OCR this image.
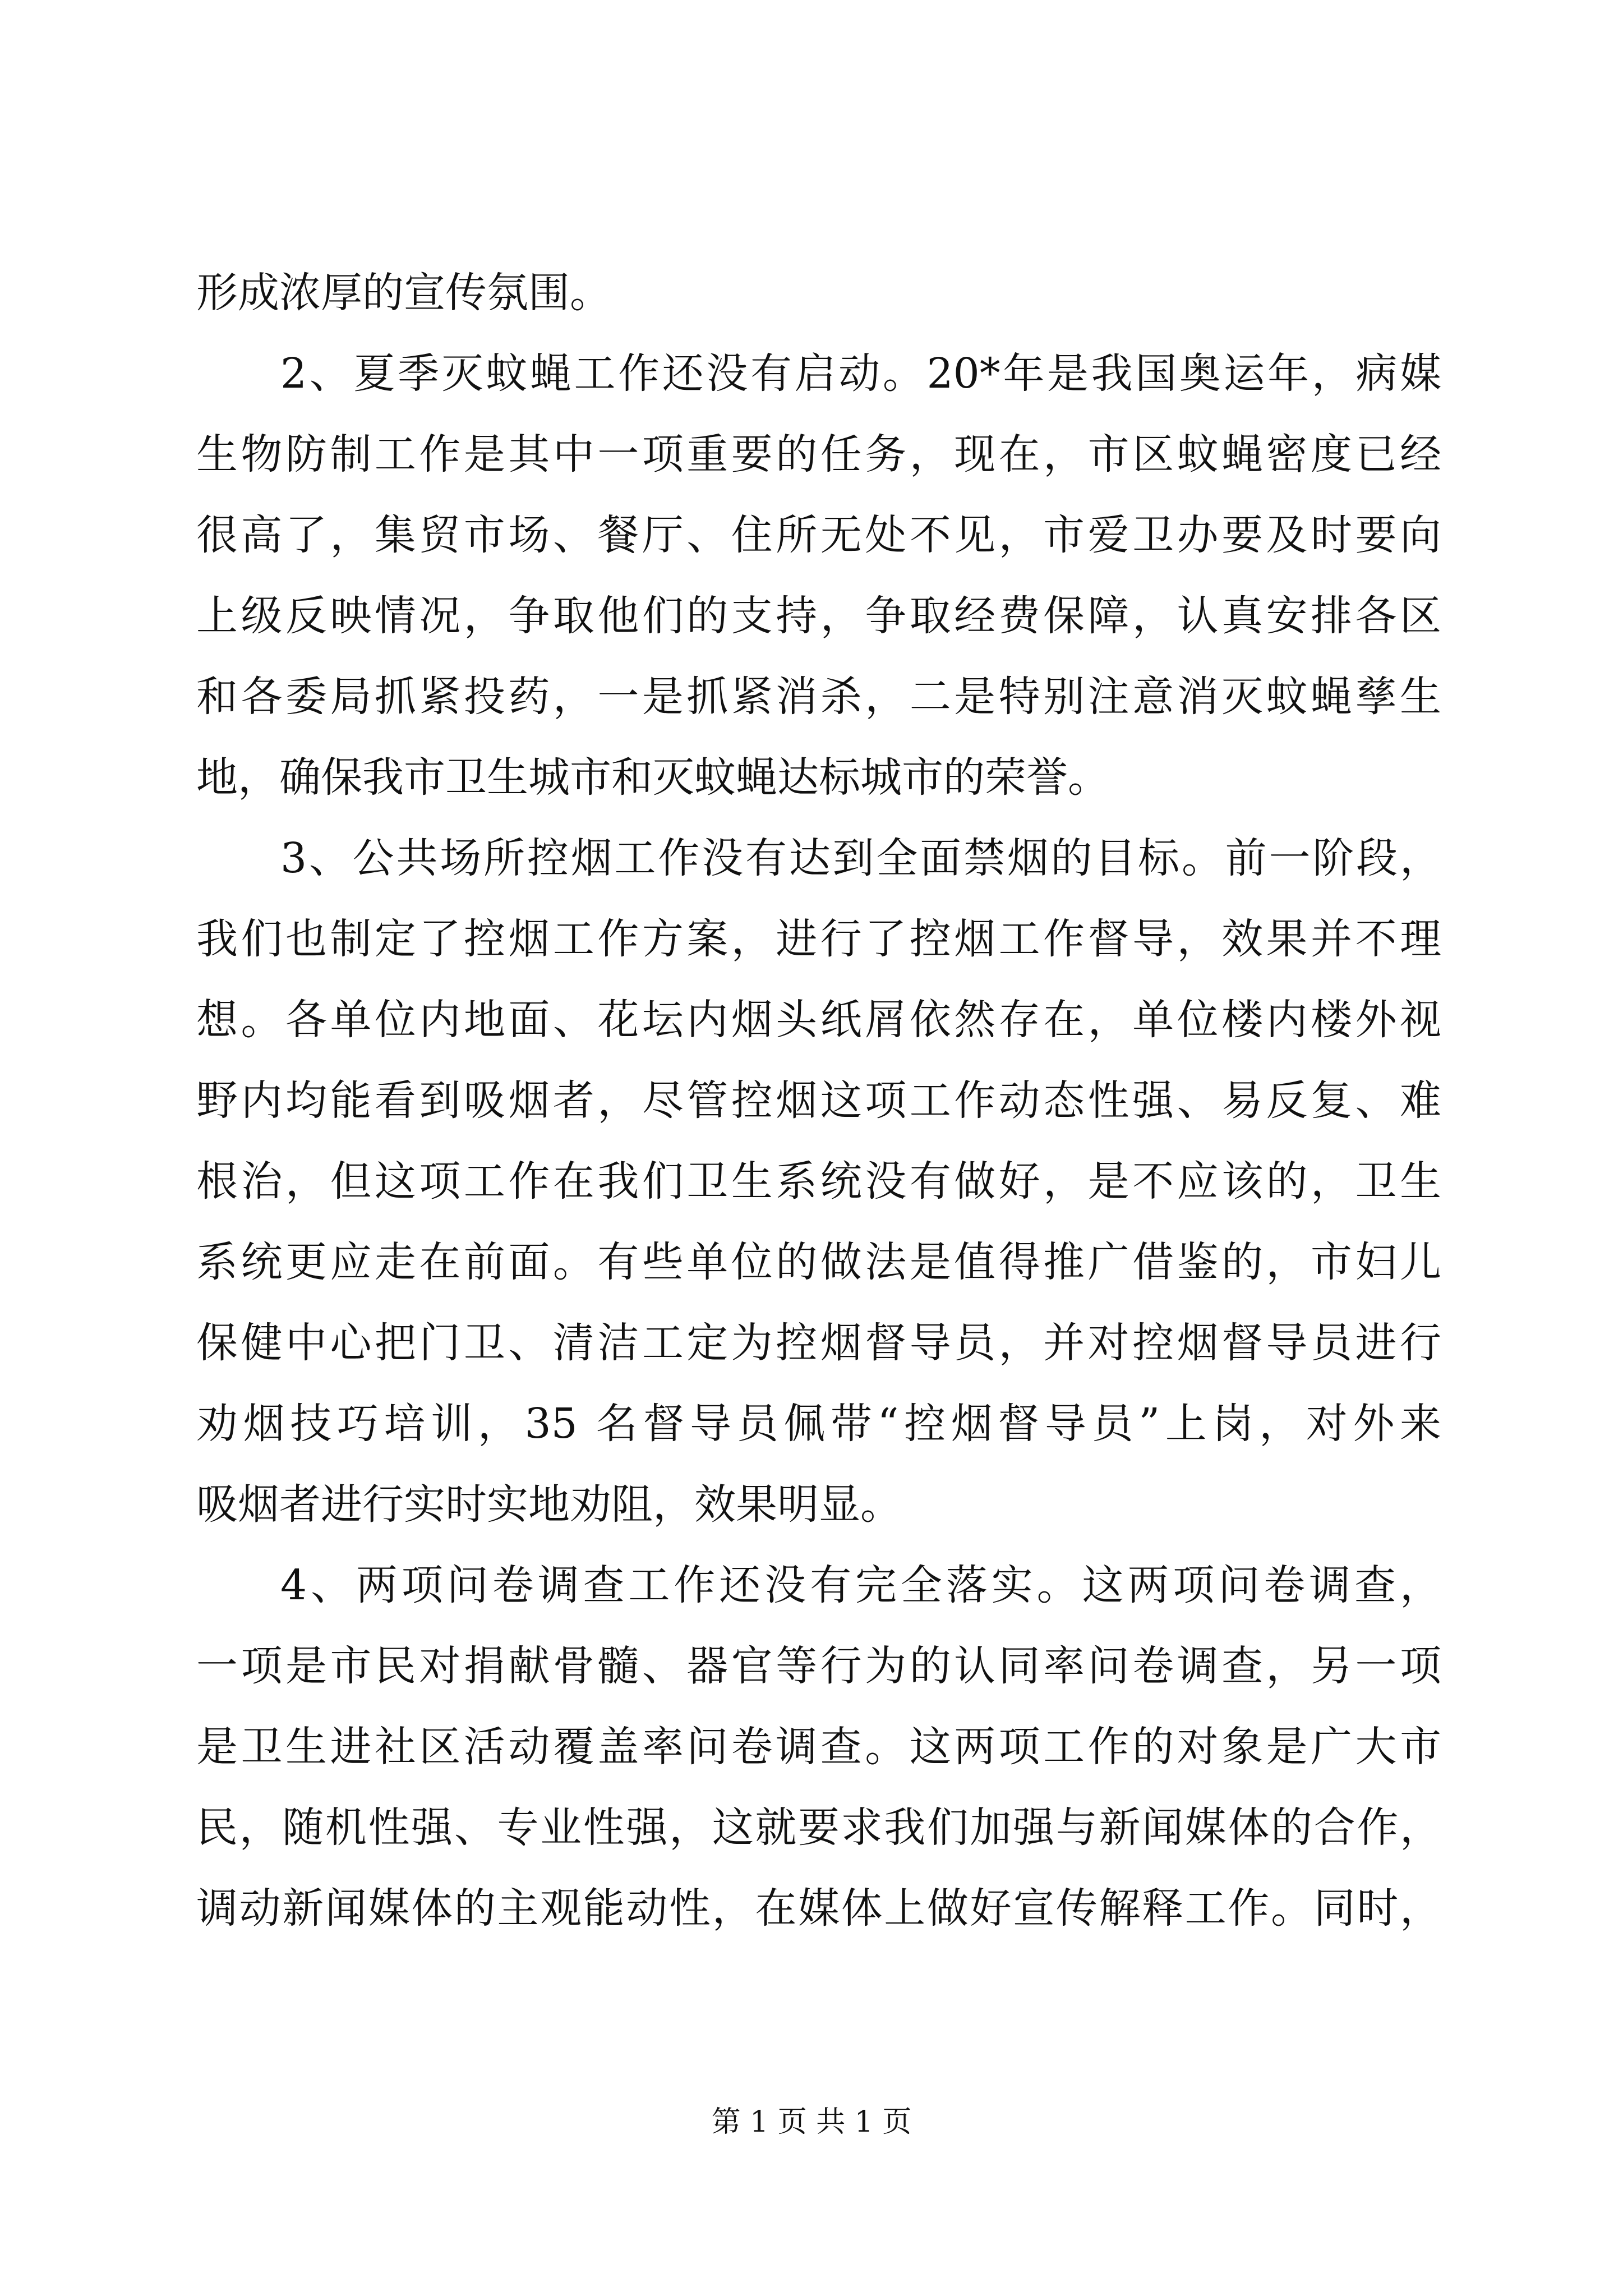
形成浓厚的宣传氛围。
2、夏季灭蚊蝇工作还没有启动。20*年是我国奥运年，病媒
生物防制工作是其中一项重要的任务，现在，市区蚊蝇密度已经
很高了，集贸市场、餐厅、住所无处不见，市爱卫办要及时要向
上级反映情况，争取他们的支持，争取经费保障，认真安排各区
和各委局抓紧投药，一是抓紧消杀，二是特别注意消灭蚊蝇孳生
地，确保我市卫生城市和灭蚊蝇达标城市的荣誉。
3、公共场所控烟工作没有达到全面禁烟的目标。前一阶段，
我们也制定了控烟工作方案，进行了控烟工作督导，效果并不理
想。各单位内地面、花坛内烟头纸屑依然存在，单位楼内楼外视
野内均能看到吸烟者，尽管控烟这项工作动态性强、易反复、难
根治，但这项工作在我们卫生系统没有做好，是不应该的，卫生
系统更应走在前面。有些单位的做法是值得推广借鉴的，市妇儿
保健中心把门卫、清洁工定为控烟督导员，并对控烟督导员进行
劝烟技巧培训，35 名督导员佩带“控烟督导员”上岗，对外来
吸烟者进行实时实地劝阻，效果明显。
4、两项问卷调查工作还没有完全落实。这两项问卷调查，
一项是市民对捐献骨髓、器官等行为的认同率问卷调查，另一项
是卫生进社区活动覆盖率问卷调查。这两项工作的对象是广大市
民，随机性强、专业性强，这就要求我们加强与新闻媒体的合作，
调动新闻媒体的主观能动性，在媒体上做好宣传解释工作。同时，
第 1 页 共 1 页
